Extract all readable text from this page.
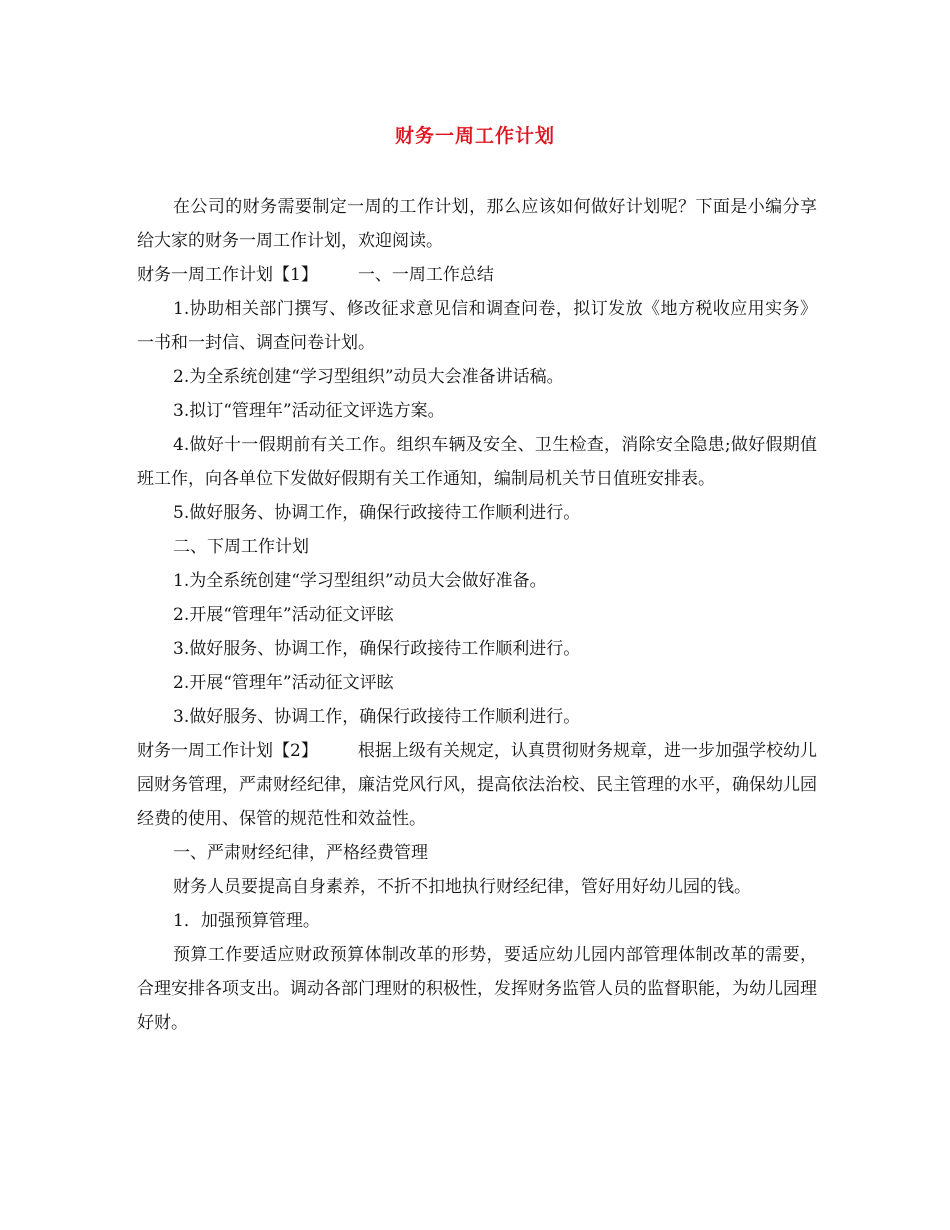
财务一周工作计划

在公司的财务需要制定一周的工作计划，那么应该如何做好计划呢？下面是小编分享给大家的财务一周工作计划，欢迎阅读。

财务一周工作计划【1】 一、一周工作总结

1.协助相关部门撰写、修改征求意见信和调查问卷，拟订发放《地方税收应用实务》一书和一封信、调查问卷计划。

2.为全系统创建“学习型组织”动员大会准备讲话稿。

3.拟订“管理年”活动征文评选方案。

4.做好十一假期前有关工作。组织车辆及安全、卫生检查，消除安全隐患;做好假期值班工作，向各单位下发做好假期有关工作通知，编制局机关节日值班安排表。

5.做好服务、协调工作，确保行政接待工作顺利进行。

二、下周工作计划

1.为全系统创建“学习型组织”动员大会做好准备。

2.开展“管理年”活动征文评眩

3.做好服务、协调工作，确保行政接待工作顺利进行。

2.开展“管理年”活动征文评眩

3.做好服务、协调工作，确保行政接待工作顺利进行。

财务一周工作计划【2】 根据上级有关规定，认真贯彻财务规章，进一步加强学校幼儿园财务管理，严肃财经纪律，廉洁党风行风，提高依法治校、民主管理的水平，确保幼儿园经费的使用、保管的规范性和效益性。

一、严肃财经纪律，严格经费管理

财务人员要提高自身素养，不折不扣地执行财经纪律，管好用好幼儿园的钱。

1．加强预算管理。

预算工作要适应财政预算体制改革的形势，要适应幼儿园内部管理体制改革的需要，合理安排各项支出。调动各部门理财的积极性，发挥财务监管人员的监督职能，为幼儿园理好财。
